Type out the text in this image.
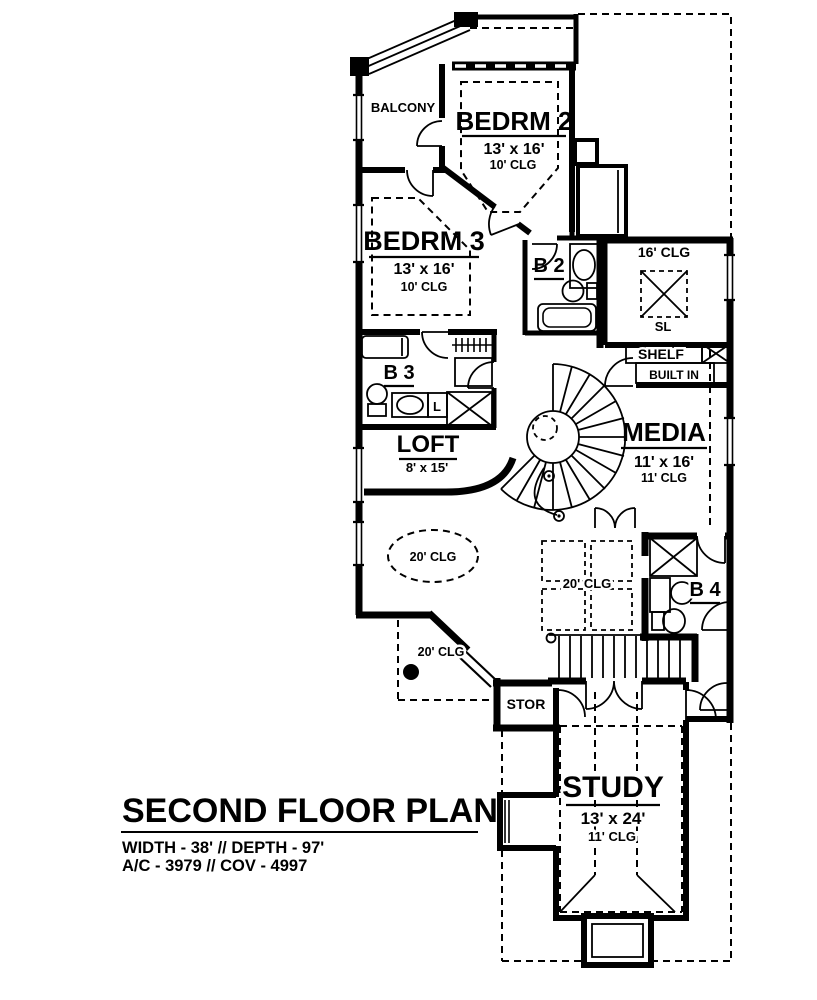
BALCONY BEDRM 2
13' x 16'
10' CLG
BEDRM 3
13' x 16'
10' CLG
B 2
B 3
B 4
L
16' CLG
SL
SHELF
BUILT IN
LOFT
8' x 15'
MEDIA
11' x 16'
11' CLG
20' CLG
20' CLG
20' CLG
STOR
STUDY
13' x 24'
11' CLG
SECOND FLOOR PLAN
WIDTH - 38' // DEPTH - 97'
A/C - 3979 // COV - 4997
